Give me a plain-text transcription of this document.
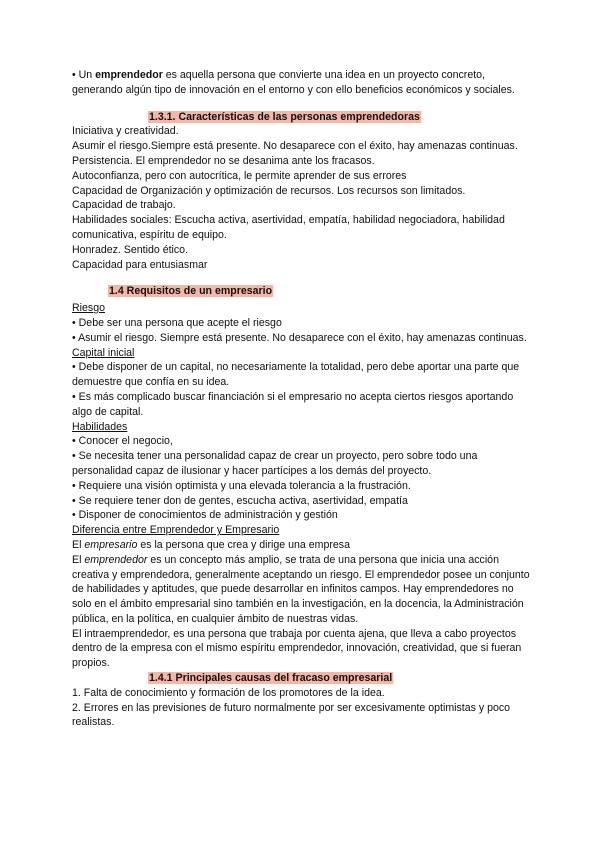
• Un emprendedor es aquella persona que convierte una idea en un proyecto concreto, generando algún tipo de innovación en el entorno y con ello beneficios económicos y sociales.

1.3.1. Características de las personas emprendedoras

Iniciativa y creatividad.

Asumir el riesgo.Siempre está presente. No desaparece con el éxito, hay amenazas continuas.

Persistencia. El emprendedor no se desanima ante los fracasos.

Autoconfianza, pero con autocrítica, le permite aprender de sus errores

Capacidad de Organización y optimización de recursos. Los recursos son limitados.

Capacidad de trabajo.

Habilidades sociales: Escucha activa, asertividad, empatía, habilidad negociadora, habilidad comunicativa, espíritu de equipo.

Honradez. Sentido ético.

Capacidad para entusiasmar

1.4 Requisitos de un empresario

Riesgo

• Debe ser una persona que acepte el riesgo

• Asumir el riesgo. Siempre está presente. No desaparece con el éxito, hay amenazas continuas.

Capital inicial

• Debe disponer de un capital, no necesariamente la totalidad, pero debe aportar una parte que demuestre que confía en su idea.

• Es más complicado buscar financiación si el empresario no acepta ciertos riesgos aportando algo de capital.

Habilidades

• Conocer el negocio,

• Se necesita tener una personalidad capaz de crear un proyecto, pero sobre todo una personalidad capaz de ilusionar y hacer partícipes a los demás del proyecto.

• Requiere una visión optimista y una elevada tolerancia a la frustración.

• Se requiere tener don de gentes, escucha activa, asertividad, empatía

• Disponer de conocimientos de administración y gestión

Diferencia entre Emprendedor y Empresario

El empresario es la persona que crea y dirige una empresa

El emprendedor es un concepto más amplio, se trata de una persona que inicia una acción creativa y emprendedora, generalmente aceptando un riesgo. El emprendedor posee un conjunto de habilidades y aptitudes, que puede desarrollar en infinitos campos. Hay emprendedores no solo en el ámbito empresarial sino también en la investigación, en la docencia, la Administración pública, en la política, en cualquier ámbito de nuestras vidas.

El intraemprendedor, es una persona que trabaja por cuenta ajena, que lleva a cabo proyectos dentro de la empresa con el mismo espíritu emprendedor, innovación, creatividad, que si fueran propios.

1.4.1 Principales causas del fracaso empresarial

1. Falta de conocimiento y formación de los promotores de la idea.

2. Errores en las previsiones de futuro normalmente por ser excesivamente optimistas y poco realistas.
